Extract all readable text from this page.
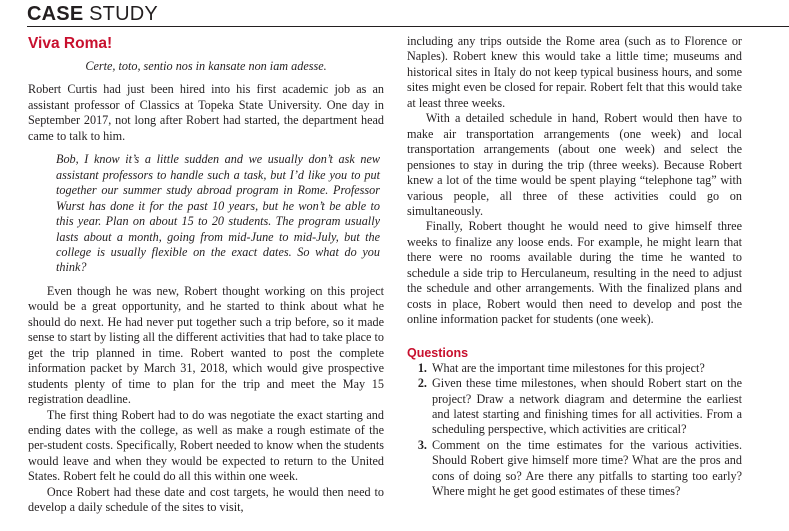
CASE STUDY
Viva Roma!

Certe, toto, sentio nos in kansate non iam adesse.

Robert Curtis had just been hired into his first academic job as an assistant professor of Classics at Topeka State University. One day in September 2017, not long after Robert had started, the department head came to talk to him.

Bob, I know it’s a little sudden and we usually don’t ask new assistant professors to handle such a task, but I’d like you to put together our summer study abroad program in Rome. Professor Wurst has done it for the past 10 years, but he won’t be able to this year. Plan on about 15 to 20 students. The program usually lasts about a month, going from mid-June to mid-July, but the college is usually flexible on the exact dates. So what do you think?

Even though he was new, Robert thought working on this project would be a great opportunity, and he started to think about what he should do next. He had never put together such a trip before, so it made sense to start by listing all the different activities that had to take place to get the trip planned in time. Robert wanted to post the complete information packet by March 31, 2018, which would give prospective students plenty of time to plan for the trip and meet the May 15 registration deadline.

The first thing Robert had to do was negotiate the exact starting and ending dates with the college, as well as make a rough estimate of the per-student costs. Specifically, Robert needed to know when the students would leave and when they would be expected to return to the United States. Robert felt he could do all this within one week.

Once Robert had these date and cost targets, he would then need to develop a daily schedule of the sites to visit,

including any trips outside the Rome area (such as to Florence or Naples). Robert knew this would take a little time; museums and historical sites in Italy do not keep typical business hours, and some sites might even be closed for repair. Robert felt that this would take at least three weeks.

With a detailed schedule in hand, Robert would then have to make air transportation arrangements (one week) and local transportation arrangements (about one week) and select the pensiones to stay in during the trip (three weeks). Because Robert knew a lot of the time would be spent playing “telephone tag” with various people, all three of these activities could go on simultaneously.

Finally, Robert thought he would need to give himself three weeks to finalize any loose ends. For example, he might learn that there were no rooms available during the time he wanted to schedule a side trip to Herculaneum, resulting in the need to adjust the schedule and other arrangements. With the finalized plans and costs in place, Robert would then need to develop and post the online information packet for students (one week).

Questions
1. What are the important time milestones for this project?
2. Given these time milestones, when should Robert start on the project? Draw a network diagram and determine the earliest and latest starting and finishing times for all activities. From a scheduling perspective, which activities are critical?
3. Comment on the time estimates for the various activities. Should Robert give himself more time? What are the pros and cons of doing so? Are there any pitfalls to starting too early? Where might he get good estimates of these times?
